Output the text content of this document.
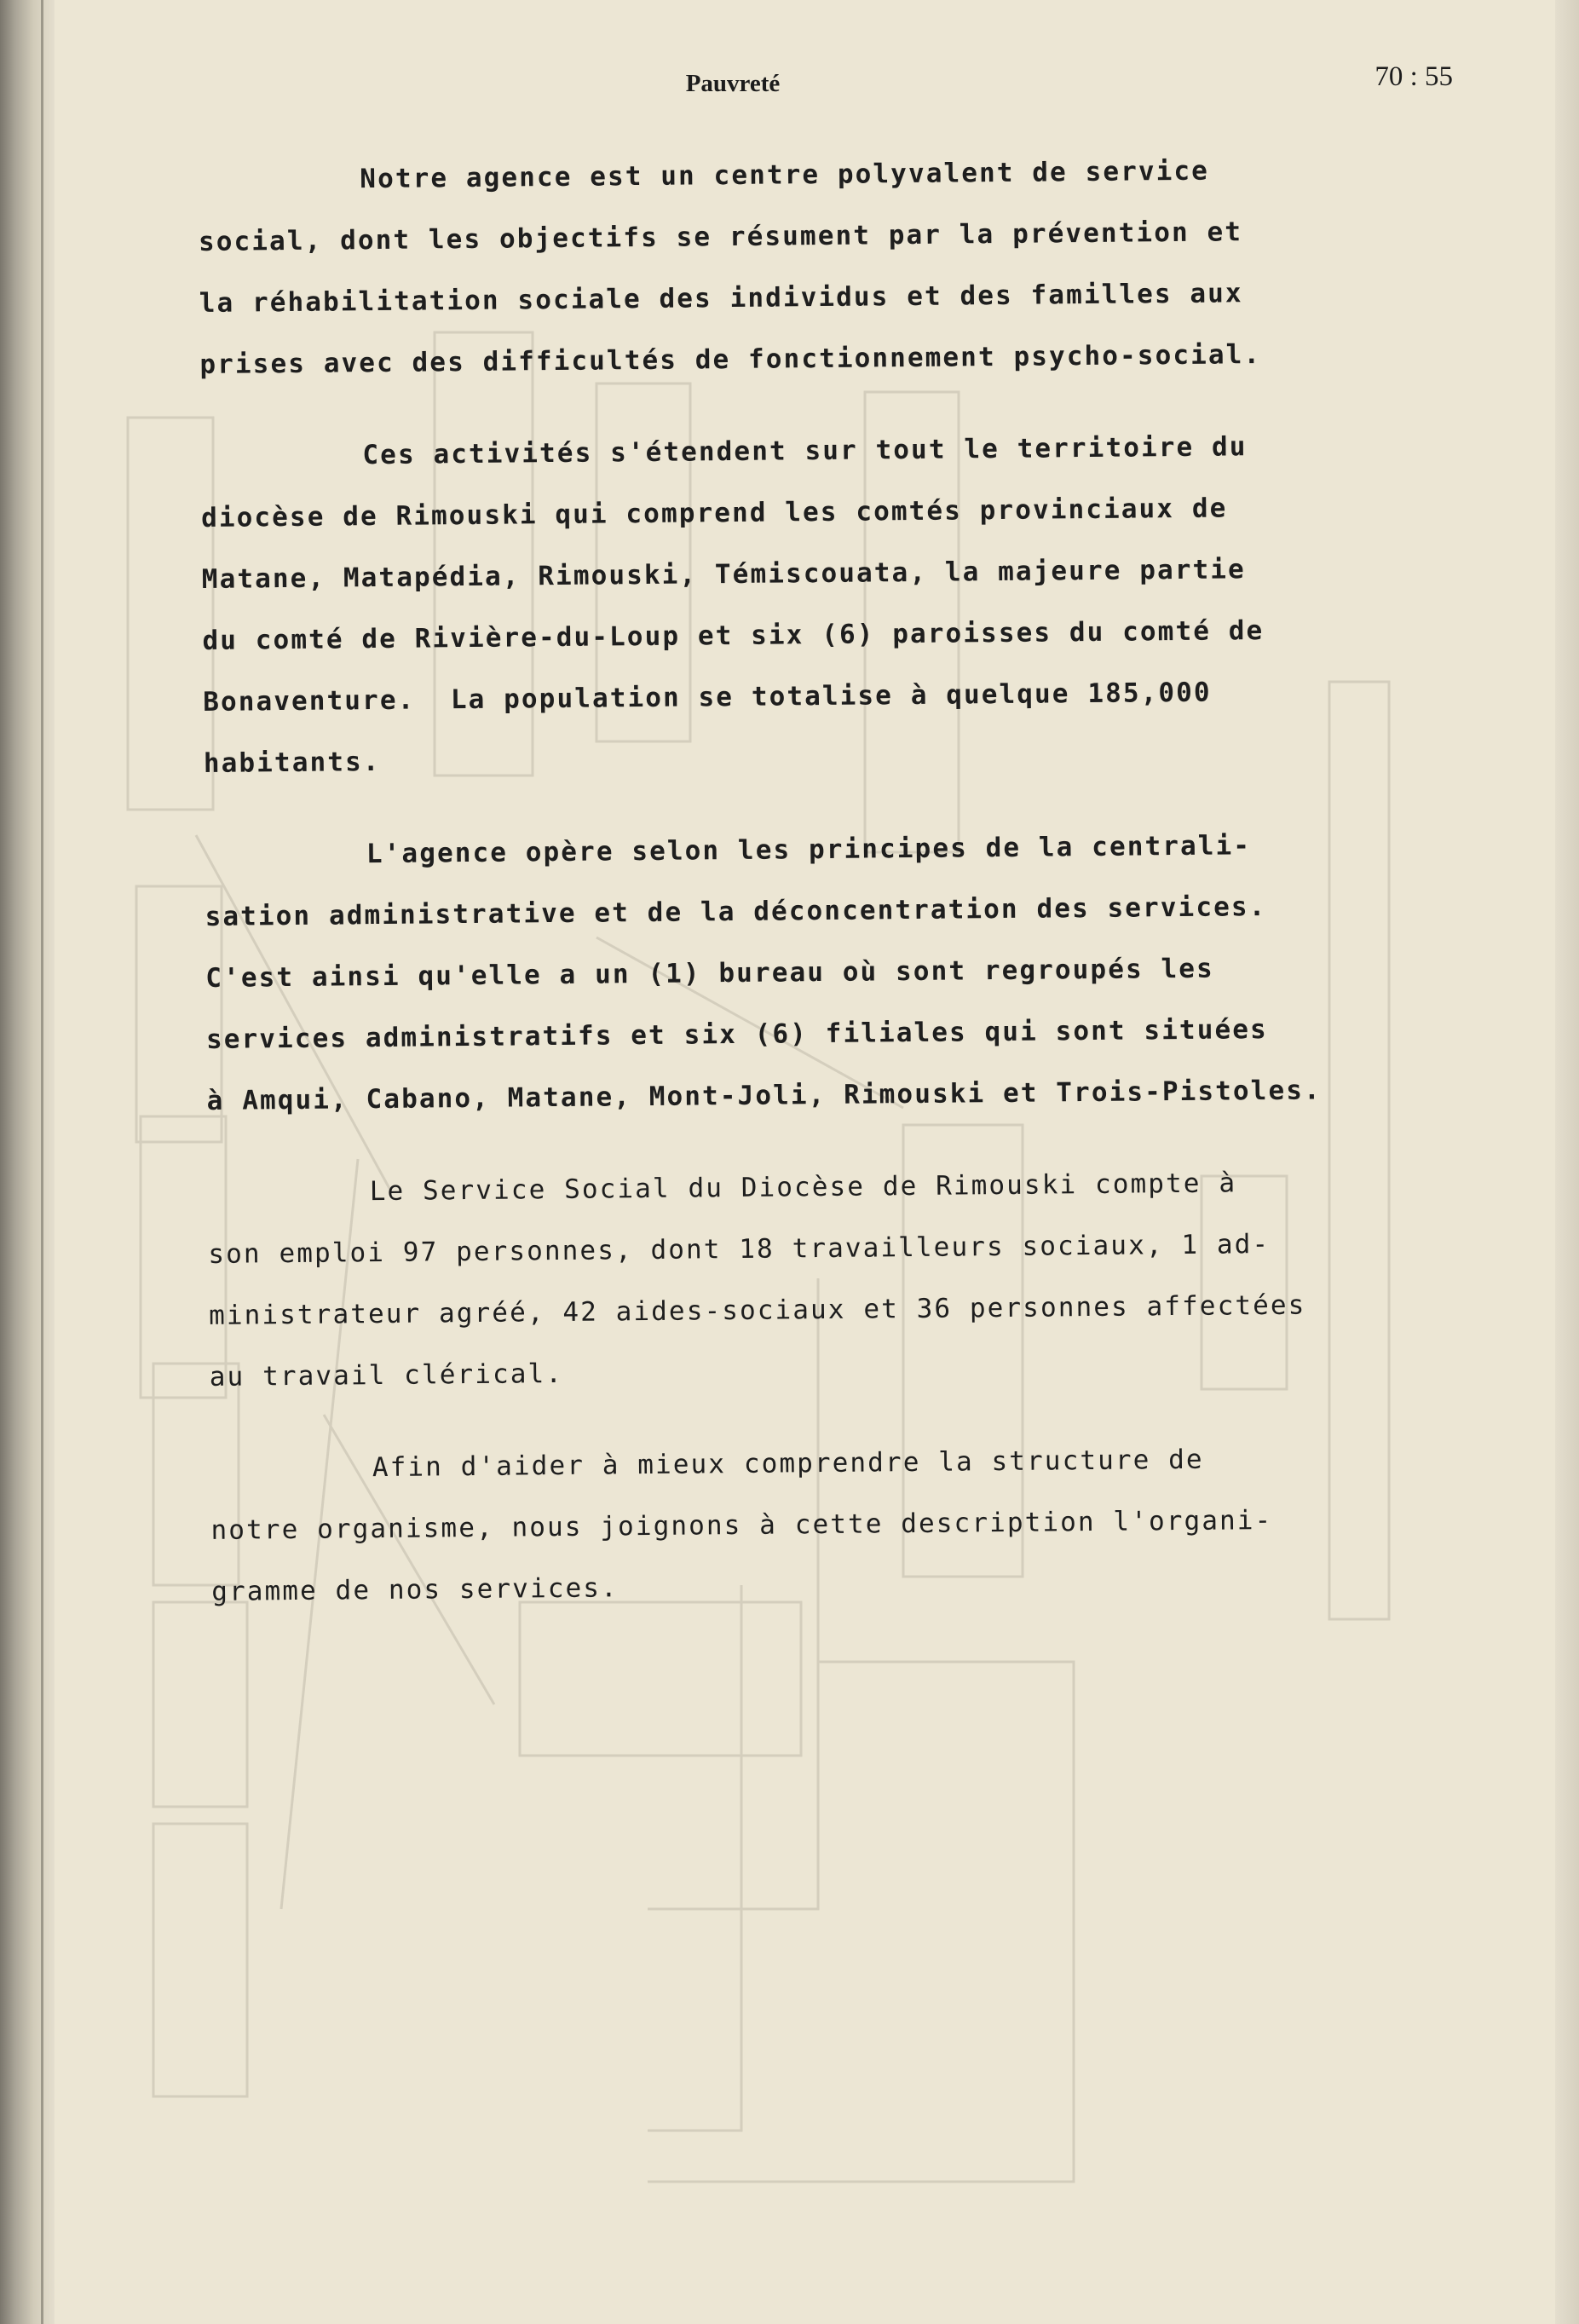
Pauvreté	70 : 55
Notre agence est un centre polyvalent de service
social, dont les objectifs se résument par la prévention et
la réhabilitation sociale des individus et des familles aux
prises avec des difficultés de fonctionnement psycho-social.
Ces activités s'étendent sur tout le territoire du
diocèse de Rimouski qui comprend les comtés provinciaux de
Matane, Matapédia, Rimouski, Témiscouata, la majeure partie
du comté de Rivière-du-Loup et six (6) paroisses du comté de
Bonaventure.  La population se totalise à quelque 185,000
habitants.
L'agence opère selon les principes de la centrali-
sation administrative et de la déconcentration des services.
C'est ainsi qu'elle a un (1) bureau où sont regroupés les
services administratifs et six (6) filiales qui sont situées
à Amqui, Cabano, Matane, Mont-Joli, Rimouski et Trois-Pistoles.
Le Service Social du Diocèse de Rimouski compte à
son emploi 97 personnes, dont 18 travailleurs sociaux, 1 ad-
ministrateur agréé, 42 aides-sociaux et 36 personnes affectées
au travail clérical.
Afin d'aider à mieux comprendre la structure de
notre organisme, nous joignons à cette description l'organi-
gramme de nos services.
